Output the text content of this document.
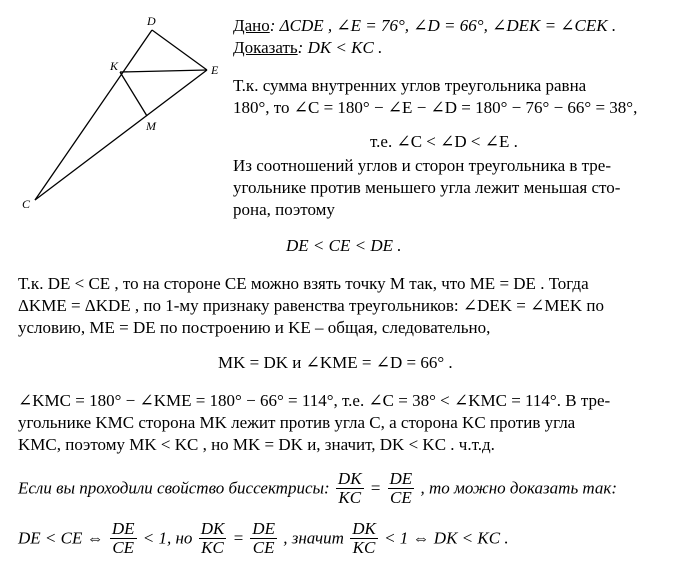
D
K	E
M
C
Дано: ΔCDE , ∠E = 76°, ∠D = 66°, ∠DEK = ∠CEK .
Доказать: DK < KC .
Т.к. сумма внутренних углов треугольника равна
180°, то ∠C = 180° − ∠E − ∠D = 180° − 76° − 66° = 38°,
т.е. ∠C < ∠D < ∠E .
Из соотношений углов и сторон треугольника в тре-
угольнике против меньшего угла лежит меньшая сто-
рона, поэтому
DE < CE < DE .
Т.к. DE < CE , то на стороне CE можно взять точку M так, что ME = DE . Тогда
ΔKME = ΔKDE , по 1-му признаку равенства треугольников: ∠DEK = ∠MEK по
условию, ME = DE по построению и KE – общая, следовательно,
MK = DK и ∠KME = ∠D = 66° .
∠KMC = 180° − ∠KME = 180° − 66° = 114°, т.е. ∠C = 38° < ∠KMC = 114°. В тре-
угольнике KMC сторона MK лежит против угла C, а сторона KC против угла
KMC, поэтому MK < KC , но MK = DK и, значит, DK < KC . ч.т.д.
Если вы проходили свойство биссектрисы: $\frac{DK}{KC} = \frac{DE}{CE}$ , то можно доказать так:
DE < CE ⇔ $\frac{DE}{CE} < 1$, но $\frac{DK}{KC} = \frac{DE}{CE}$ , значит $\frac{DK}{KC} < 1$ ⇔ DK < KC .
